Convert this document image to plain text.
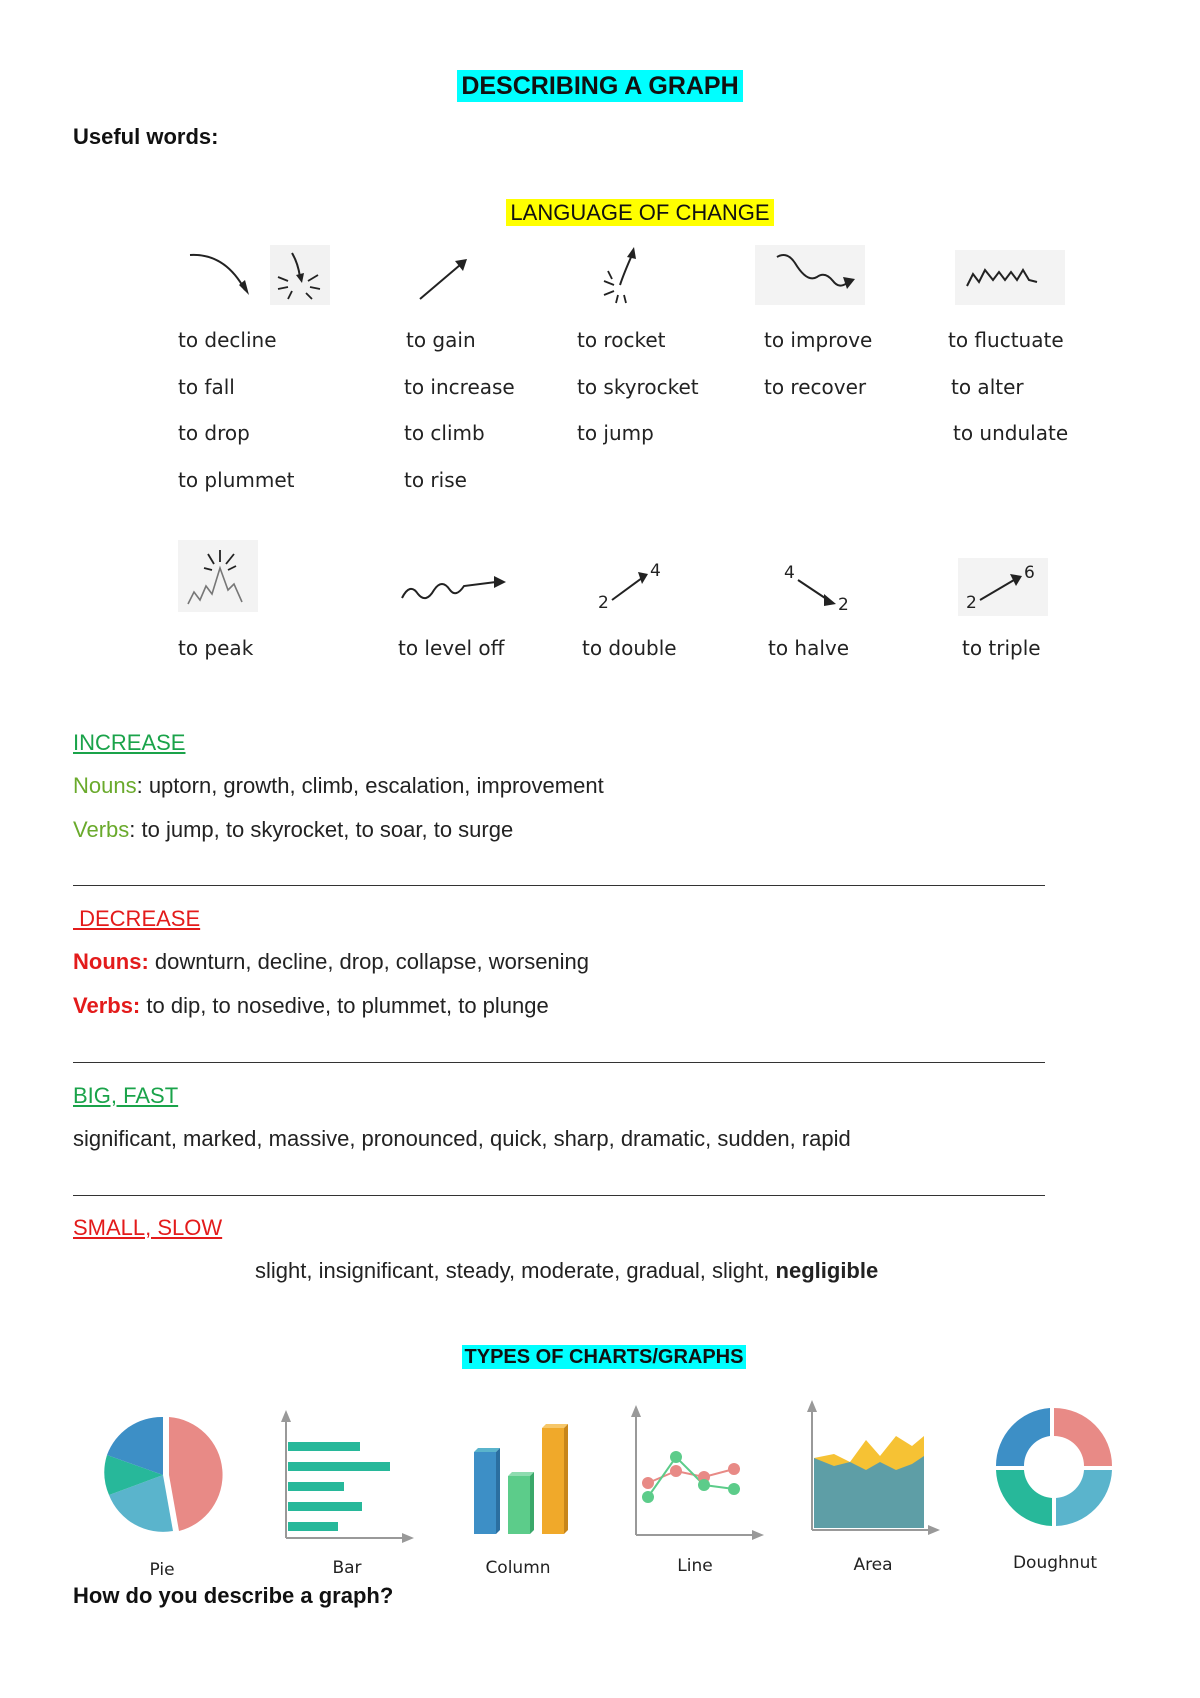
DESCRIBING A GRAPH
Useful words:
LANGUAGE OF CHANGE
to decline
to fall
to drop
to plummet
to gain
to increase
to climb
to rise
to rocket
to skyrocket
to jump
to improve
to recover
to fluctuate
to alter
to undulate
2
4	4
2	2
6
to peak	to level off	to double	to halve	to triple
INCREASE
Nouns: uptorn, growth, climb, escalation, improvement
Verbs: to jump, to skyrocket, to soar, to surge
DECREASE
Nouns: downturn, decline, drop, collapse, worsening
Verbs: to dip, to nosedive, to plummet, to plunge
BIG, FAST
significant, marked, massive, pronounced, quick, sharp, dramatic, sudden, rapid
SMALL, SLOW
slight, insignificant, steady, moderate, gradual, slight, negligible
TYPES OF CHARTS/GRAPHS
Pie	Bar	Column	Line	Area	Doughnut
How do you describe a graph?
